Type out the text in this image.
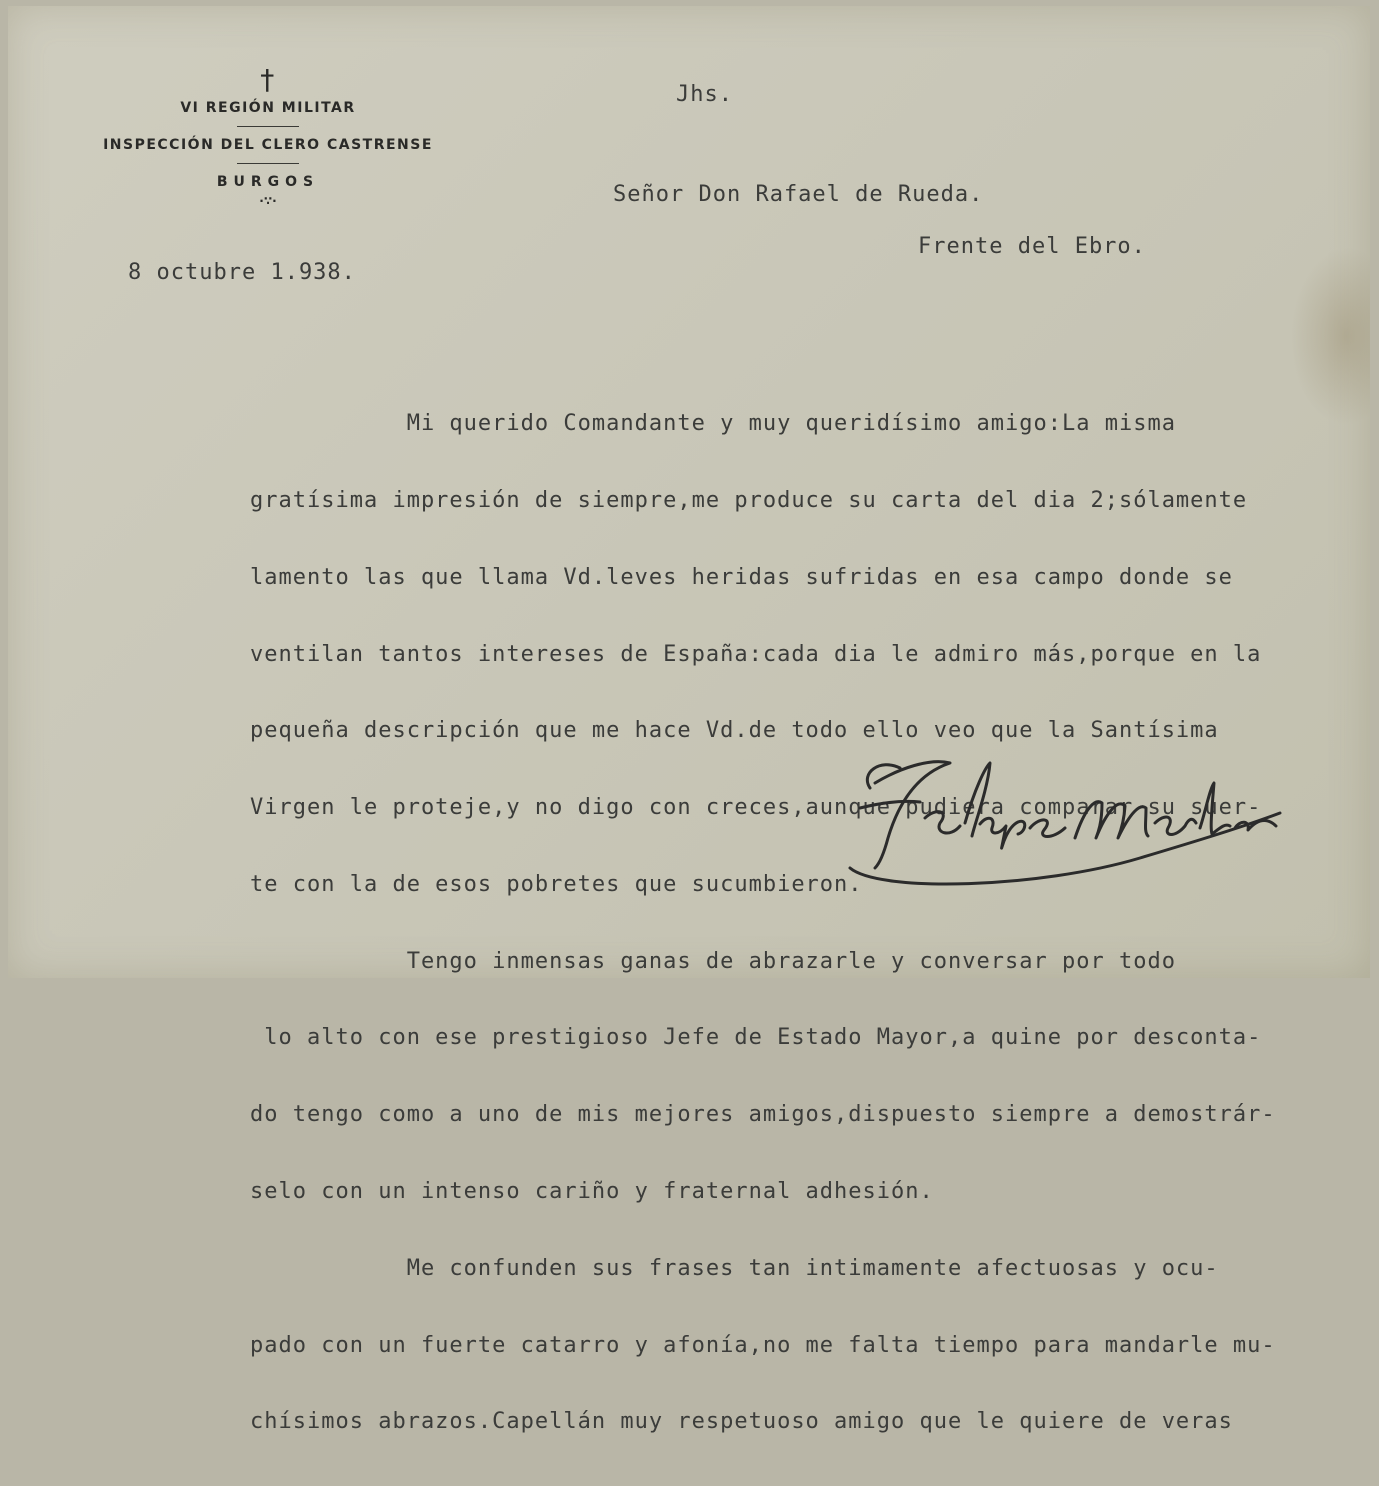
†
VI REGIÓN MILITAR
INSPECCIÓN DEL CLERO CASTRENSE
BURGOS
·∵·
Jhs.
Señor Don Rafael de Rueda.
Frente del Ebro.
8 octubre 1.938.

Mi querido Comandante y muy queridísimo amigo:La misma

gratísima impresión de siempre,me produce su carta del dia 2;sólamente

lamento las que llama Vd.leves heridas sufridas en esa campo donde se

ventilan tantos intereses de España:cada dia le admiro más,porque en la

pequeña descripción que me hace Vd.de todo ello veo que la Santísima

Virgen le proteje,y no digo con creces,aunque pudiera comparar su suer-

te con la de esos pobretes que sucumbieron.

Tengo inmensas ganas de abrazarle y conversar por todo

lo alto con ese prestigioso Jefe de Estado Mayor,a quine por desconta-

do tengo como a uno de mis mejores amigos,dispuesto siempre a demostrár-

selo con un intenso cariño y fraternal adhesión.

Me confunden sus frases tan intimamente afectuosas y ocu-

pado con un fuerte catarro y afonía,no me falta tiempo para mandarle mu-

chísimos abrazos.Capellán muy respetuoso amigo que le quiere de veras
